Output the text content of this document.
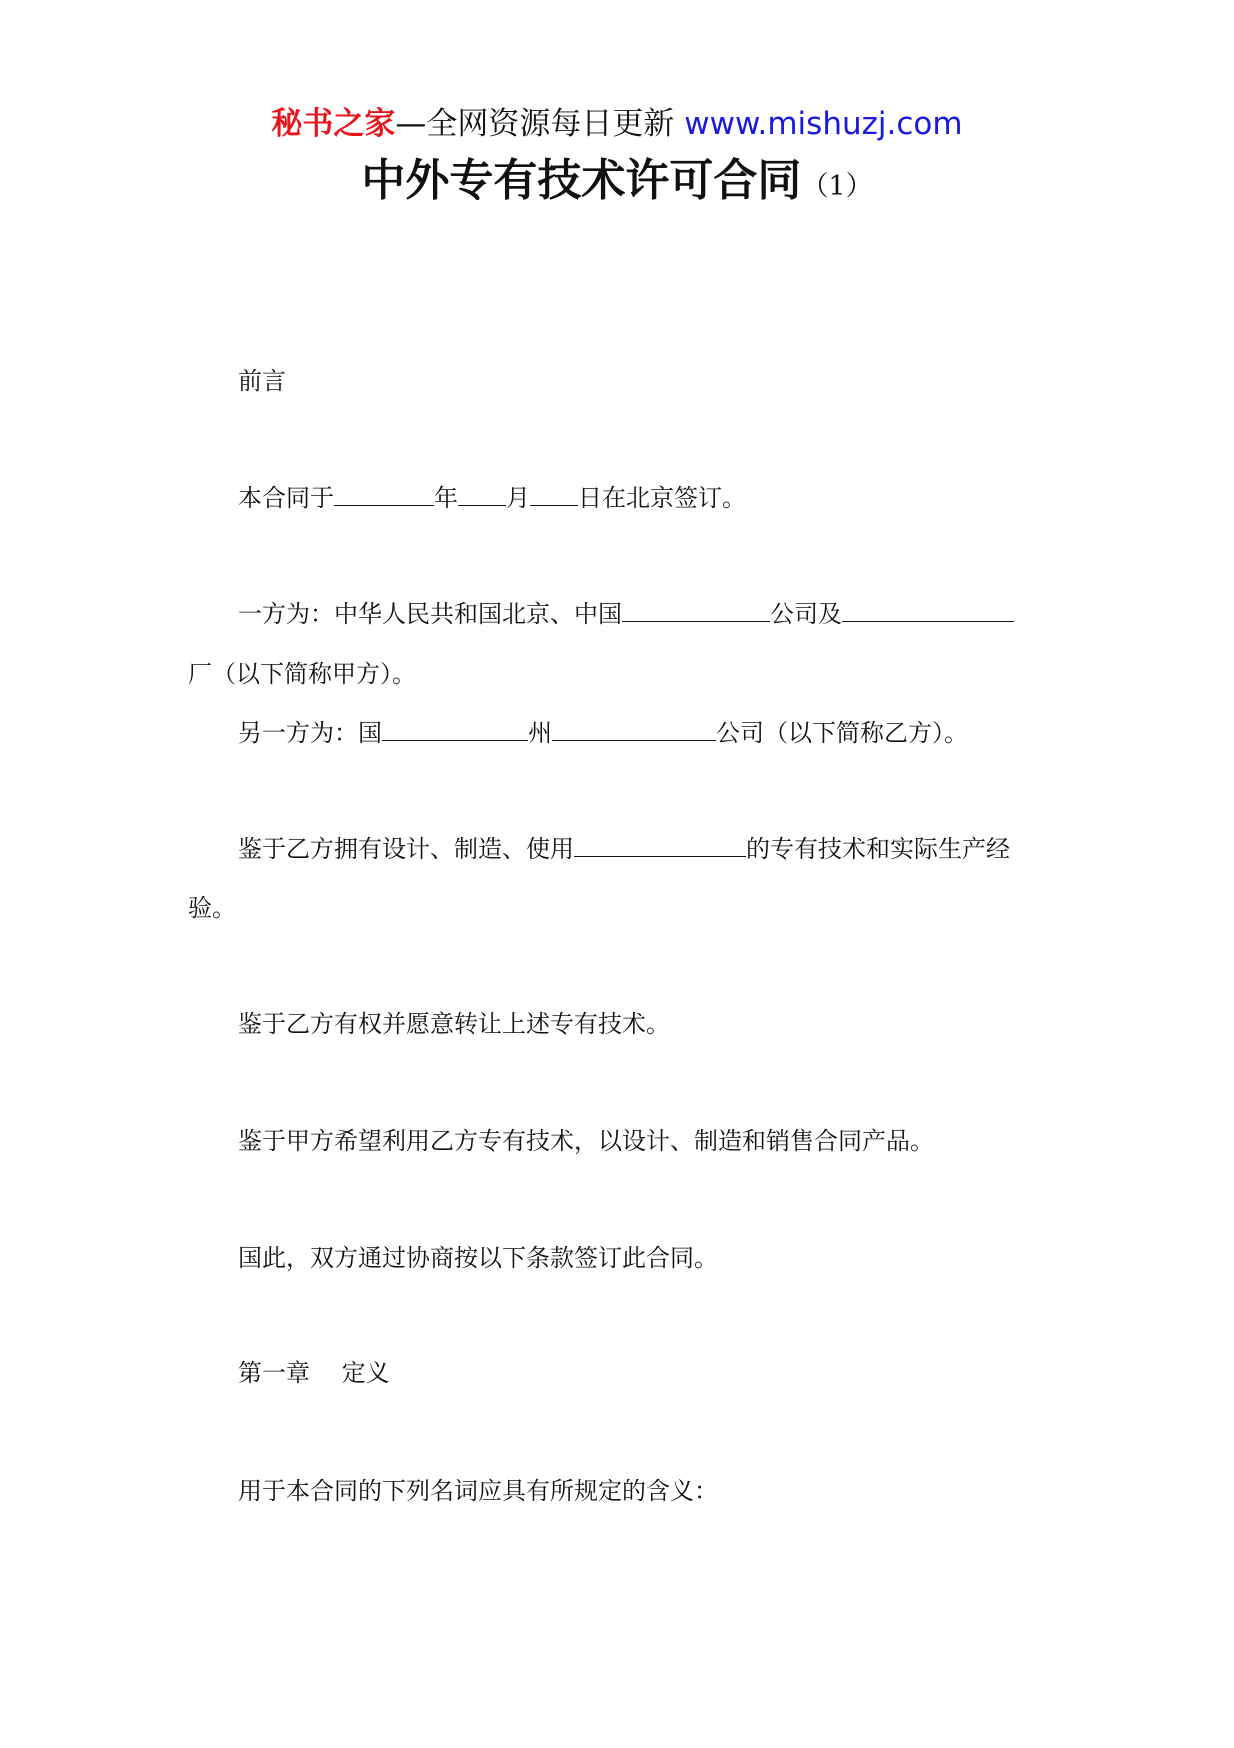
秘书之家—全网资源每日更新 www.mishuzj.com
中外专有技术许可合同（1）
前言
本合同于	年 月 日在北京签订。
一方为：中华人民共和国北京、中国	公司及
厂（以下简称甲方）。
另一方为：国	州	公司（以下简称乙方）。
鉴于乙方拥有设计、制造、使用	的专有技术和实际生产经
验。
鉴于乙方有权并愿意转让上述专有技术。
鉴于甲方希望利用乙方专有技术，以设计、制造和销售合同产品。
国此，双方通过协商按以下条款签订此合同。
第一章　 定义
用于本合同的下列名词应具有所规定的含义：
